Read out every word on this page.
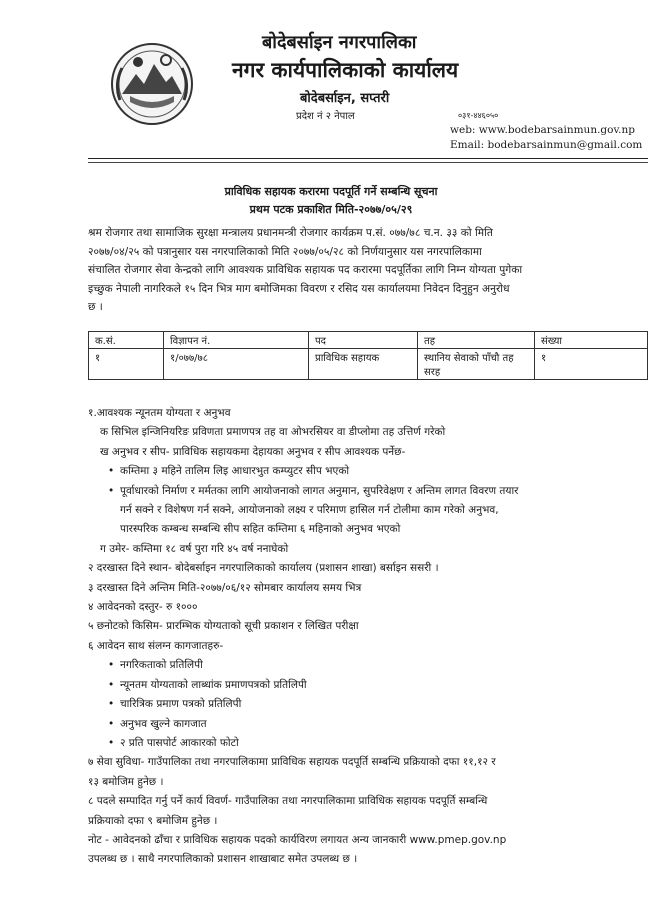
बोदेबर्साइन नगरपालिका
नगर कार्यपालिकाको कार्यालय
बोदेबर्साइन, सप्तरी
प्रदेश नं २ नेपाल	०३१-४४६०५०
web: www.bodebarsainmun.gov.np
Email: bodebarsainmun@gmail.com
प्राविधिक सहायक करारमा पदपूर्ति गर्ने सम्बन्धि सूचना
प्रथम पटक प्रकाशित मिति-२०७७/०५/२९
श्रम रोजगार तथा सामाजिक सुरक्षा मन्त्रालय प्रधानमन्त्री रोजगार कार्यक्रम प.सं. ०७७/७८ च.न. ३३ को मिति
२०७७/०४/२५ को पत्रानुसार यस नगरपालिकाको मिति २०७७/०५/२८ को निर्णयानुसार यस नगरपालिकामा
संचालित रोजगार सेवा केन्द्रको लागि आवश्यक प्राविधिक सहायक पद करारमा पदपूर्तिका लागि निम्न योग्यता पुगेका
इच्छुक नेपाली नागरिकले १५ दिन भित्र माग बमोजिमका विवरण र रसिद यस कार्यालयमा निवेदन दिनुहुन अनुरोध
छ ।
क.सं.	विज्ञापन नं.	पद	तह	संख्या
१	१/०७७/७८	प्राविधिक सहायक	स्थानिय सेवाको पाँचौ तह सरह	१
१.आवश्यक न्यूनतम योग्यता र अनुभव
क सिभिल इन्जिनियरिङ प्रविणता प्रमाणपत्र तह वा ओभरसियर वा डीप्लोमा तह उत्तिर्ण गरेको
ख अनुभव र सीप- प्राविधिक सहायकमा देहायका अनुभव र सीप आवश्यक पर्नेछ-
• कम्तिमा ३ महिने तालिम लिइ आधारभुत कम्प्युटर सीप भएको
• पूर्वाधारको निर्माण र मर्मतका लागि आयोजनाको लागत अनुमान, सुपरिवेक्षण र अन्तिम लागत विवरण तयार
गर्न सक्ने र विशेषण गर्न सक्ने, आयोजनाको लक्ष्य र परिमाण हासिल गर्न टोलीमा काम गरेको अनुभव,
पारस्परिक कम्बन्ध सम्बन्धि सीप सहित कम्तिमा ६ महिनाको अनुभव भएको
ग उमेर- कम्तिमा १८ वर्ष पुरा गरि ४५ वर्ष ननाघेको
२ दरखास्त दिने स्थान- बोदेबर्साइन नगरपालिकाको कार्यालय (प्रशासन शाखा) बर्साइन ससरी ।
३ दरखास्त दिने अन्तिम मिति-२०७७/०६/१२ सोमबार कार्यालय समय भित्र
४ आवेदनको दस्तुर- रु १०००
५ छनोटको किसिम- प्रारम्भिक योग्यताको सूची प्रकाशन र लिखित परीक्षा
६ आवेदन साथ संलग्न कागजातहरु-
• नगरिकताको प्रतिलिपी
• न्यूनतम योग्यताको लाब्धांक प्रमाणपत्रको प्रतिलिपी
• चारित्रिक प्रमाण पत्रको प्रतिलिपी
• अनुभव खुल्ने कागजात
• २ प्रति पासपोर्ट आकारको फोटो
७ सेवा सुविधा- गाउँपालिका तथा नगरपालिकामा प्राविधिक सहायक पदपूर्ति सम्बन्धि प्रक्रियाको दफा ११,१२ र
१३ बमोजिम हुनेछ ।
८ पदले सम्पादित गर्नु पर्ने कार्य विवर्ण- गाउँपालिका तथा नगरपालिकामा प्राविधिक सहायक पदपूर्ति सम्बन्धि
प्रक्रियाको दफा ९ बमोजिम हुनेछ ।
नोट - आवेदनको ढाँचा र प्राविधिक सहायक पदको कार्यविरण लगायत अन्य जानकारी www.pmep.gov.np
उपलब्ध छ । साथै नगरपालिकाको प्रशासन शाखाबाट समेत उपलब्ध छ ।
